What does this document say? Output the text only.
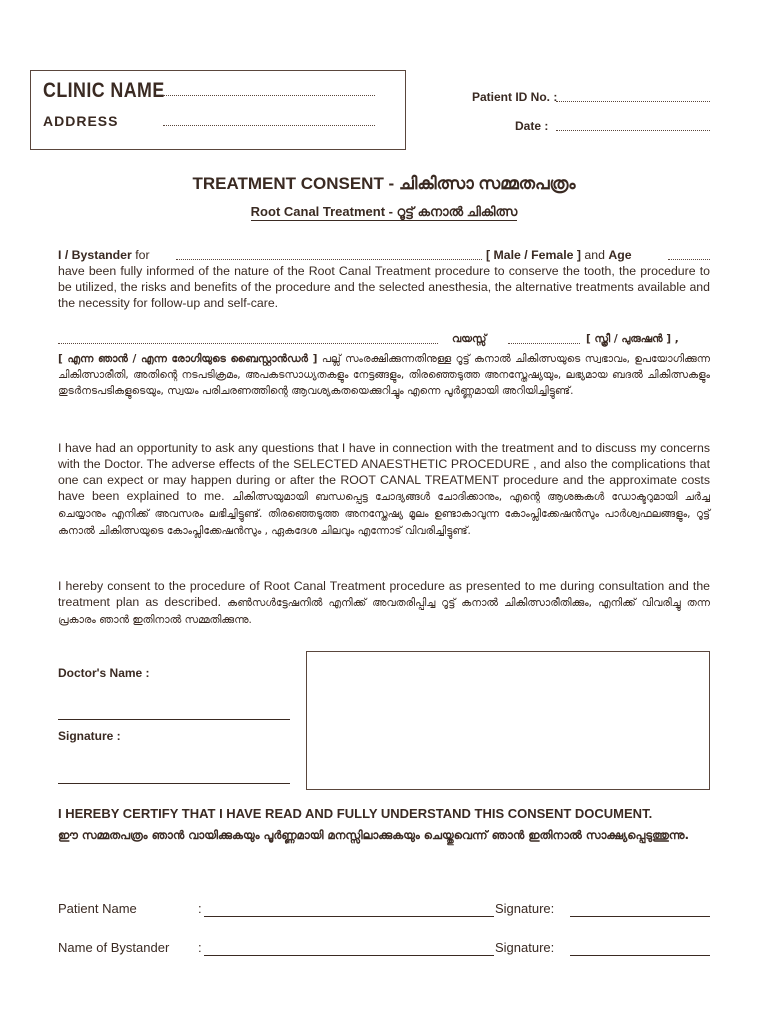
CLINIC NAME
ADDRESS
Patient ID No. :
Date :
TREATMENT CONSENT - ചികിത്സാ സമ്മതപത്രം
Root Canal Treatment - റൂട്ട് കനാൽ ചികിത്സ
I / Bystander for	[ Male / Female ] and Age
have been fully informed of the nature of the Root Canal Treatment procedure to conserve the tooth, the procedure to be utilized, the risks and benefits of the procedure and the selected anesthesia, the alternative treatments available and the necessity for follow-up and self-care.
വയസ്സ്	[ സ്ത്രീ / പുരുഷൻ ] ,
[ എന്ന ഞാൻ / എന്ന രോഗിയുടെ ബൈസ്റ്റാൻഡർ ] പല്ല് സംരക്ഷിക്കുന്നതിനുള്ള റൂട്ട് കനാൽ ചികിത്സയുടെ സ്വഭാവം, ഉപയോഗിക്കുന്ന ചികിത്സാരീതി, അതിന്റെ നടപടിക്രമം, അപകടസാധ്യതകളും നേട്ടങ്ങളും, തിരഞ്ഞെടുത്ത അനസ്തേഷ്യയും, ലഭ്യമായ ബദൽ ചികിത്സകളും തുടർനടപടികളുടെയും, സ്വയം പരിചരണത്തിന്റെ ആവശ്യകതയെക്കുറിച്ചും എന്നെ പൂർണ്ണമായി അറിയിച്ചിട്ടുണ്ട്.
I have had an opportunity to ask any questions that I have in connection with the treatment and to discuss my concerns with the Doctor. The adverse effects of the SELECTED ANAESTHETIC PROCEDURE , and also the complications that one can expect or may happen during or after the ROOT CANAL TREATMENT procedure and the approximate costs have been explained to me. ചികിത്സയുമായി ബന്ധപ്പെട്ട ചോദ്യങ്ങൾ ചോദിക്കാനും, എന്റെ ആശങ്കകൾ ഡോക്ടറുമായി ചർച്ച ചെയ്യാനും എനിക്ക് അവസരം ലഭിച്ചിട്ടുണ്ട്. തിരഞ്ഞെടുത്ത അനസ്തേഷ്യ മൂലം ഉണ്ടാകാവുന്ന കോംപ്ലിക്കേഷൻസും പാർശ്വഫലങ്ങളും, റൂട്ട് കനാൽ ചികിത്സയുടെ കോംപ്ലിക്കേഷൻസും , ഏകദേശ ചിലവും എന്നോട് വിവരിച്ചിട്ടുണ്ട്.
I hereby consent to the procedure of Root Canal Treatment procedure as presented to me during consultation and the treatment plan as described. കൺസൾട്ടേഷനിൽ എനിക്ക് അവതരിപ്പിച്ച റൂട്ട് കനാൽ ചികിത്സാരീതിക്കും, എനിക്ക് വിവരിച്ചു തന്ന പ്രകാരം ഞാൻ ഇതിനാൽ സമ്മതിക്കുന്നു.
Doctor's Name :
Signature :
I HEREBY CERTIFY THAT I HAVE READ AND FULLY UNDERSTAND THIS CONSENT DOCUMENT.
ഈ സമ്മതപത്രം ഞാൻ വായിക്കുകയും പൂർണ്ണമായി മനസ്സിലാക്കുകയും ചെയ്തുവെന്ന് ഞാൻ ഇതിനാൽ സാക്ഷ്യപ്പെടുത്തുന്നു.
Patient Name	:	Signature:
Name of Bystander :	Signature:
